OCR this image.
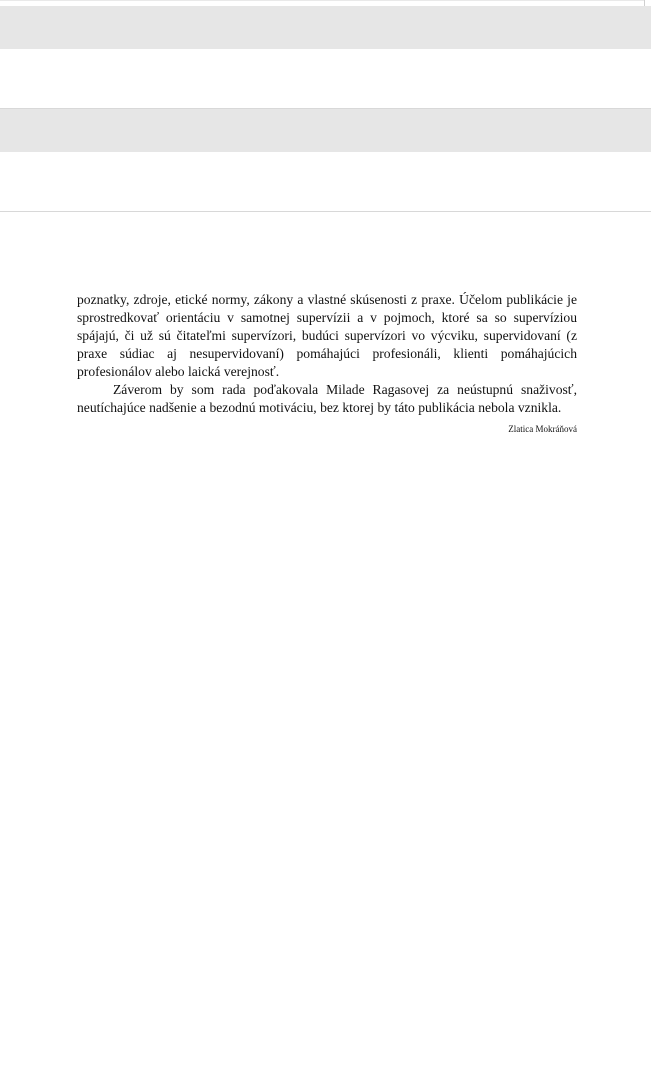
poznatky, zdroje, etické normy, zákony a vlastné skúsenosti z praxe. Účelom publikácie je sprostredkovať orientáciu v samotnej supervízii a v pojmoch, ktoré sa so supervíziou spájajú, či už sú čitateľmi supervízori, budúci supervízori vo výcviku, supervidovaní (z praxe súdiac aj nesupervidovaní) pomáhajúci profesionáli, klienti pomáhajúcich profesionálov alebo laická verejnosť.

Záverom by som rada poďakovala Milade Ragasovej za neústupnú snaživosť, neutíchajúce nadšenie a bezodnú motiváciu, bez ktorej by táto publikácia nebola vznikla.

Zlatica Mokráňová
